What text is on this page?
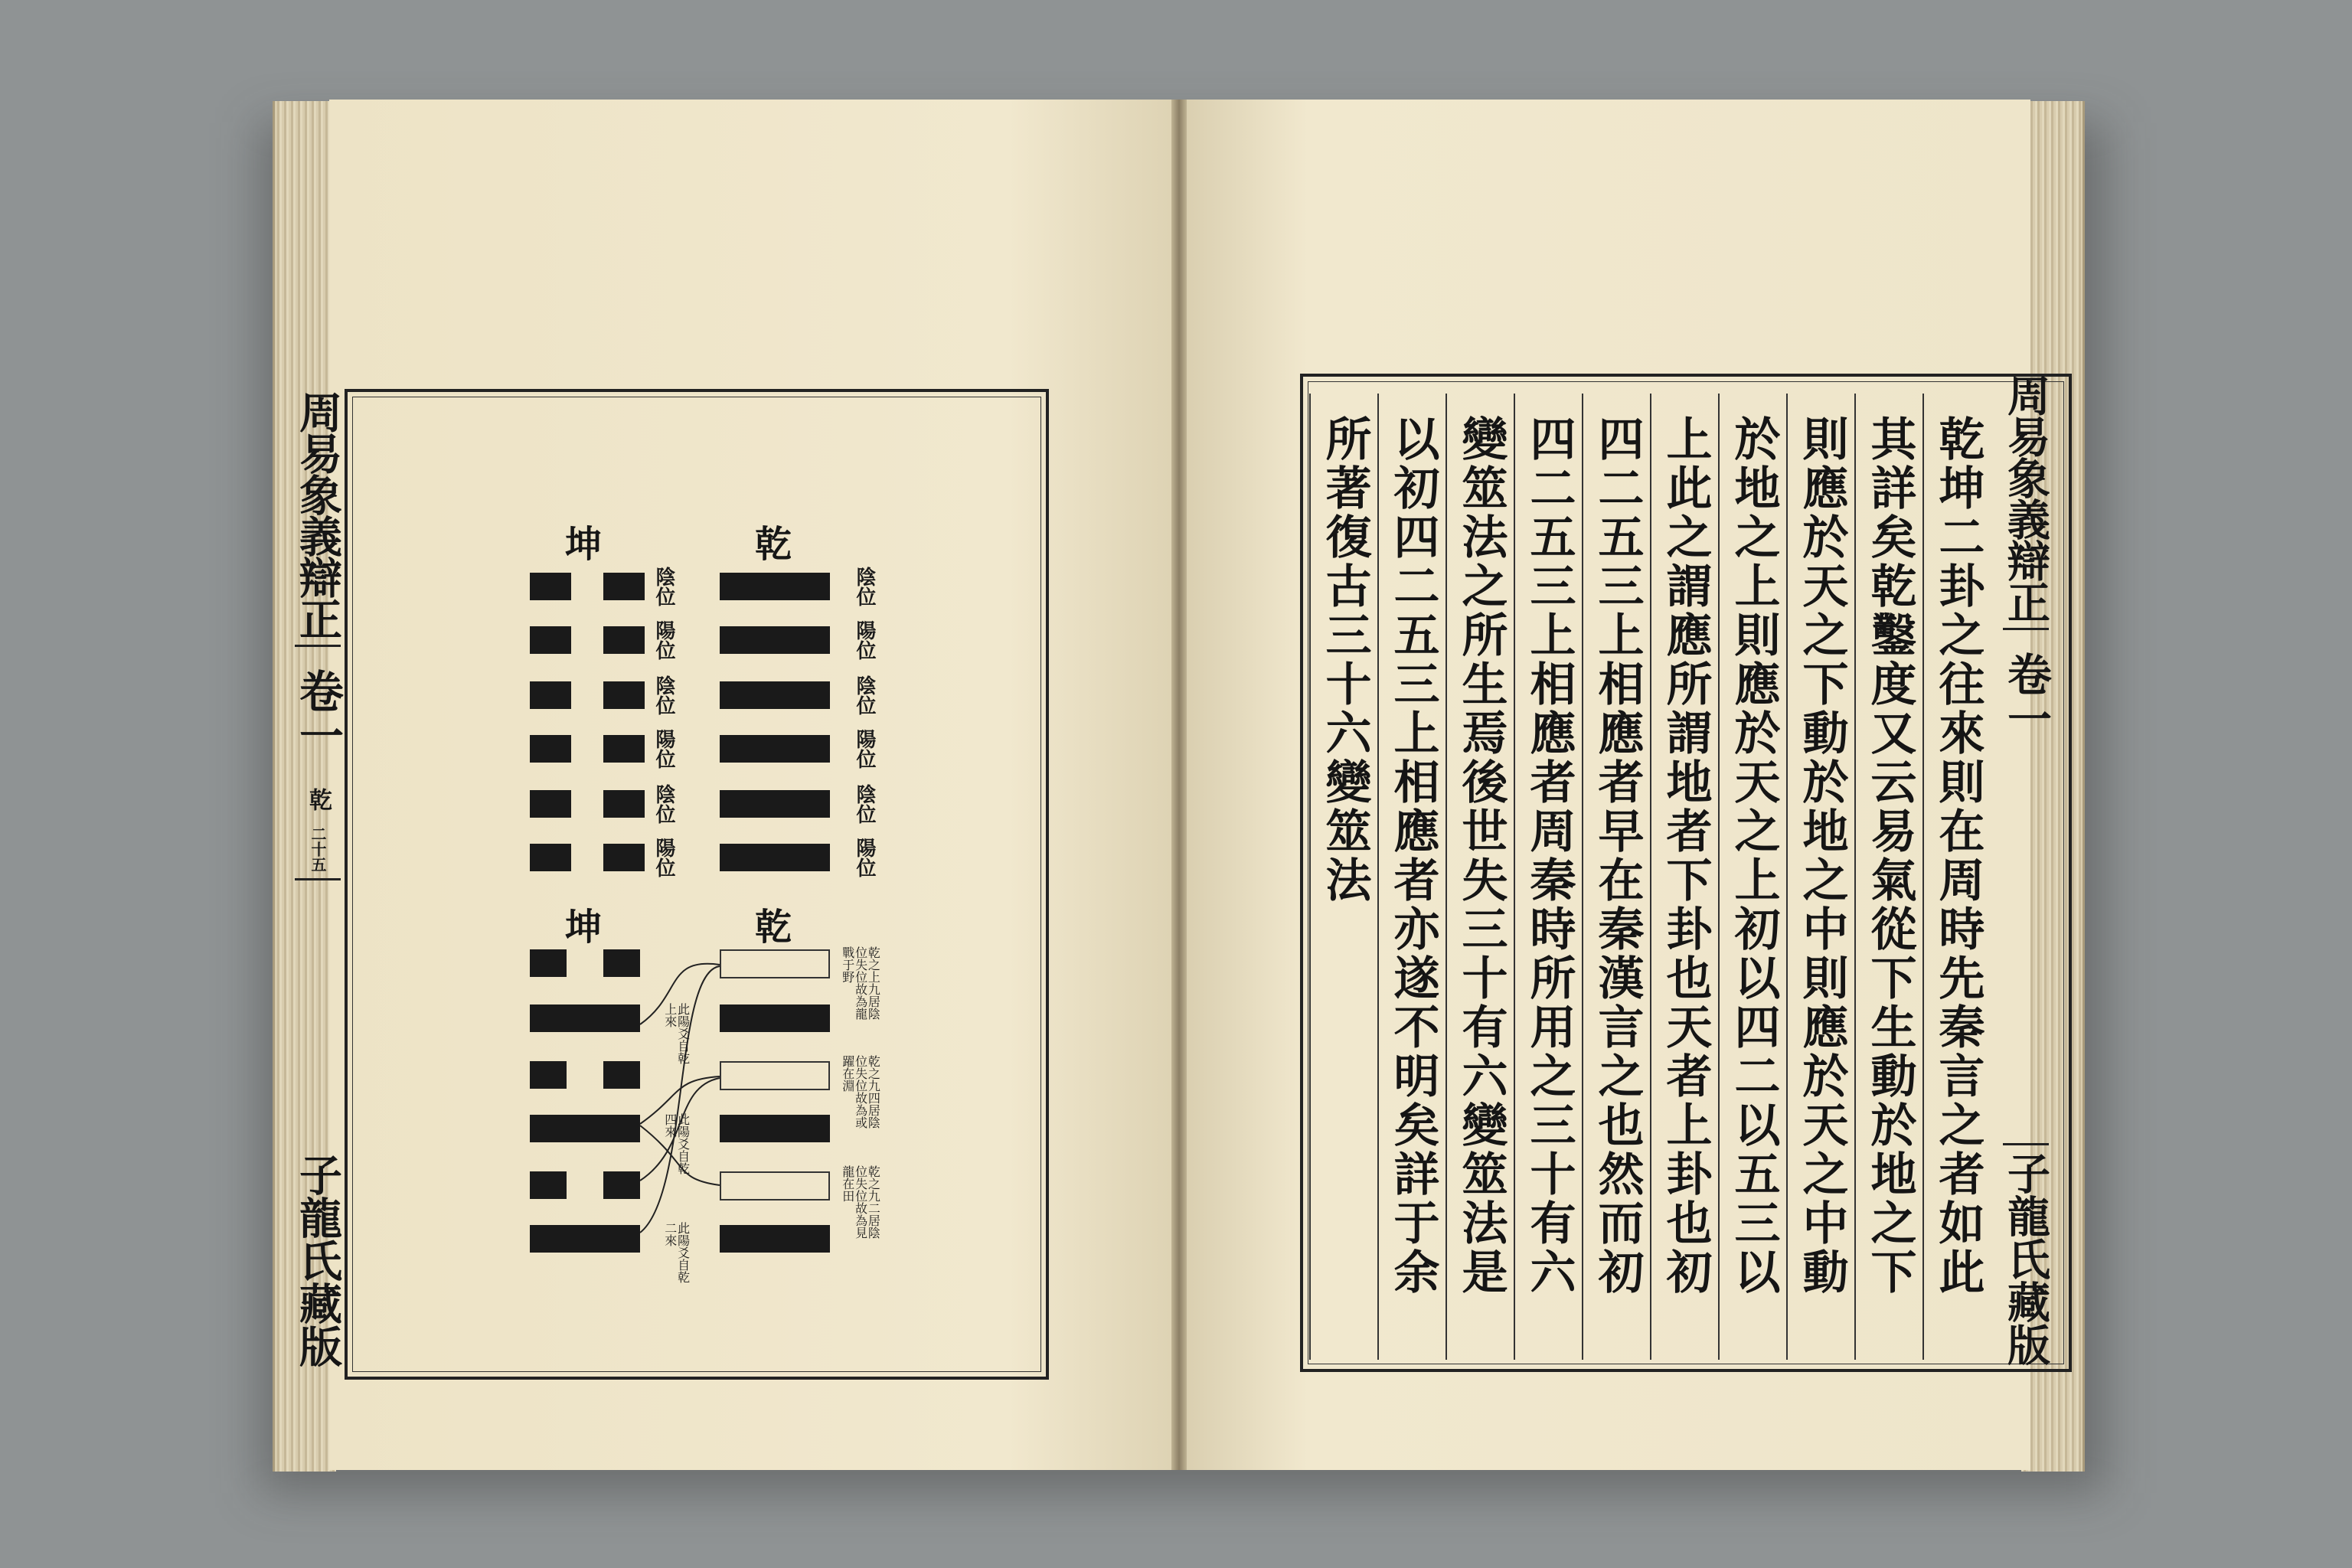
周易象義辯正
卷一
乾
二十五
子龍氏藏版
坤	乾
陰位	陰位
陽位	陽位
陰位	陰位
陽位	陽位
陰位	陰位
陽位	陽位
坤	乾
乾之上九居陰位失位故為龍戰于野
乾之九四居陰位失位故為或躍在淵
乾之九二居陰位失位故為見龍在田
此陽爻自乾上來
此陽爻自乾四來
此陽爻自乾二來	乾坤二卦之往來則在周時先秦言之者如此
其詳矣乾鑿度又云易氣從下生動於地之下
則應於天之下動於地之中則應於天之中動
於地之上則應於天之上初以四二以五三以
上此之謂應所謂地者下卦也天者上卦也初
四二五三上相應者早在秦漢言之也然而初
四二五三上相應者周秦時所用之三十有六
變筮法之所生焉後世失三十有六變筮法是
以初四二五三上相應者亦遂不明矣詳于余
所著復古三十六變筮法	周易象義辯正
卷一
子龍氏藏版
